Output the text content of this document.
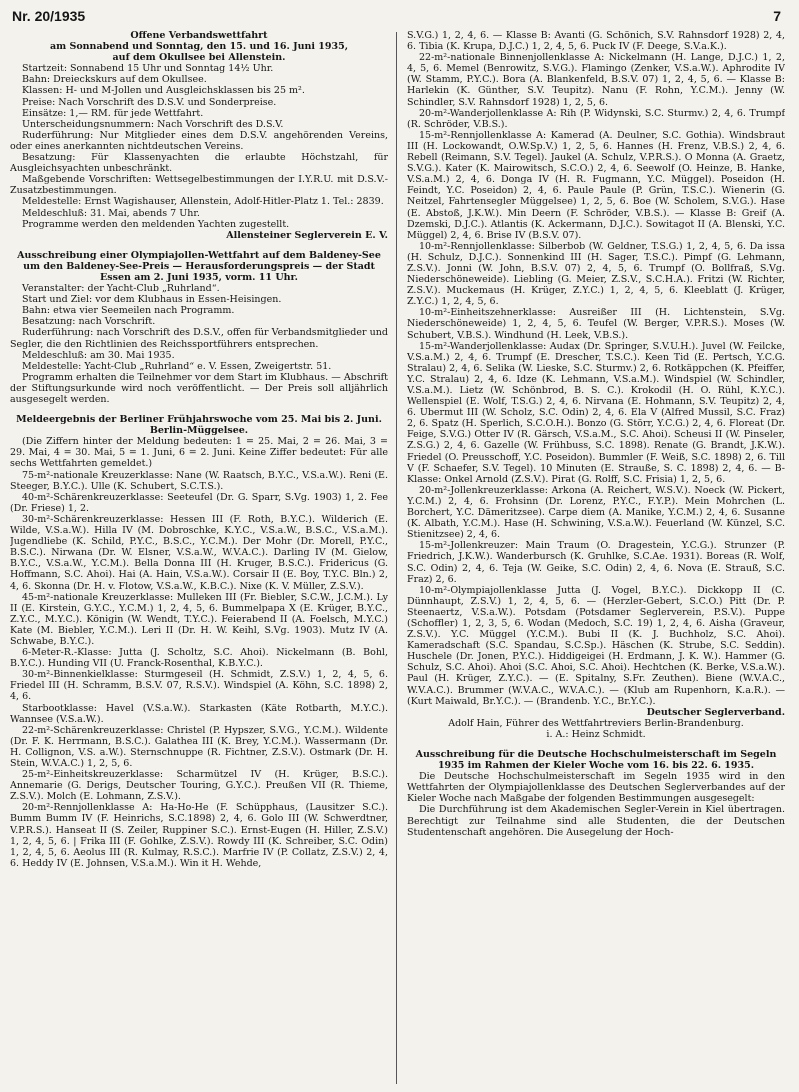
Nr. 20/1935	7

Offene Verbandswettfahrt

am Sonnabend und Sonntag, den 15. und 16. Juni 1935,

auf dem Okullsee bei Allenstein.

Startzeit: Sonnabend 15 Uhr und Sonntag 14½ Uhr.

Bahn: Dreieckskurs auf dem Okullsee.

Klassen: H- und M-Jollen und Ausgleichsklassen bis 25 m².

Preise: Nach Vorschrift des D.S.V. und Sonderpreise.

Einsätze: 1,— RM. für jede Wettfahrt.

Unterscheidungsnummern: Nach Vorschrift des D.S.V.

Ruderführung: Nur Mitglieder eines dem D.S.V. angehörenden Vereins, oder eines anerkannten nichtdeutschen Vereins.

Besatzung: Für Klassenyachten die erlaubte Höchstzahl, für Ausgleichsyachten unbeschränkt.

Maßgebende Vorschriften: Wettsegelbestimmungen der I.Y.R.U. mit D.S.V.-Zusatzbestimmungen.

Meldestelle: Ernst Wagishauser, Allenstein, Adolf-Hitler-Platz 1. Tel.: 2839.

Meldeschluß: 31. Mai, abends 7 Uhr.

Programme werden den meldenden Yachten zugestellt.

Allensteiner Seglerverein E. V.

Ausschreibung einer Olympiajollen-Wettfahrt auf dem Baldeney-See um den Baldeney-See-Preis — Herausforderungspreis — der Stadt Essen am 2. Juni 1935, vorm. 11 Uhr.

Veranstalter: der Yacht-Club „Ruhrland“.

Start und Ziel: vor dem Klubhaus in Essen-Heisingen.

Bahn: etwa vier Seemeilen nach Programm.

Besatzung: nach Vorschrift.

Ruderführung: nach Vorschrift des D.S.V., offen für Verbandsmitglieder und Segler, die den Richtlinien des Reichssportführers entsprechen.

Meldeschluß: am 30. Mai 1935.

Meldestelle: Yacht-Club „Ruhrland“ e. V. Essen, Zweigertstr. 51.

Programm erhalten die Teilnehmer vor dem Start im Klubhaus. — Abschrift der Stiftungsurkunde wird noch veröffentlicht. — Der Preis soll alljährlich ausgesegelt werden.

Meldeergebnis der Berliner Frühjahrswoche vom 25. Mai bis 2. Juni. Berlin-Müggelsee.

(Die Ziffern hinter der Meldung bedeuten: 1 = 25. Mai, 2 = 26. Mai, 3 = 29. Mai, 4 = 30. Mai, 5 = 1. Juni, 6 = 2. Juni. Keine Ziffer bedeutet: Für alle sechs Wettfahrten gemeldet.)

75-m²-nationale Kreuzerklasse: Nane (W. Raatsch, B.Y.C., V.S.a.W.). Reni (E. Steeger, B.Y.C.). Ulle (K. Schubert, S.C.T.S.).

40-m²-Schärenkreuzerklasse: Seeteufel (Dr. G. Sparr, S.Vg. 1903) 1, 2. Fee (Dr. Friese) 1, 2.

30-m²-Schärenkreuzerklasse: Hessen III (F. Roth, B.Y.C.). Wilderich (E. Wilde, V.S.a.W.). Hilla IV (M. Dobroschke, K.Y.C., V.S.a.W., B.S.C., V.S.a.M.). Jugendliebe (K. Schild, P.Y.C., B.S.C., Y.C.M.). Der Mohr (Dr. Morell, P.Y.C., B.S.C.). Nirwana (Dr. W. Elsner, V.S.a.W., W.V.A.C.). Darling IV (M. Gielow, B.Y.C., V.S.a.W., Y.C.M.). Bella Donna III (H. Kruger, B.S.C.). Fridericus (G. Hoffmann, S.C. Ahoi). Hai (A. Hain, V.S.a.W.). Corsair II (E. Boy, T.Y.C. Bln.) 2, 4, 6. Skonna (Dr. H. v. Flotow, V.S.a.W., K.B.C.). Nixe (K. V. Müller, Z.S.V.).

45-m²-nationale Kreuzerklasse: Mulleken III (Fr. Biebler, S.C.W., J.C.M.). Ly II (E. Kirstein, G.Y.C., Y.C.M.) 1, 2, 4, 5, 6. Bummelpapa X (E. Krüger, B.Y.C., Z.Y.C., M.Y.C.). Königin (W. Wendt, T.Y.C.). Feierabend II (A. Foelsch, M.Y.C.) Kate (M. Biebler, Y.C.M.). Leri II (Dr. H. W. Keihl, S.Vg. 1903). Mutz IV (A. Schwabe, B.Y.C.).

6-Meter-R.-Klasse: Jutta (J. Scholtz, S.C. Ahoi). Nickelmann (B. Bohl, B.Y.C.). Hunding VII (U. Franck-Rosenthal, K.B.Y.C.).

30-m²-Binnenkielklasse: Sturmgeseil (H. Schmidt, Z.S.V.) 1, 2, 4, 5, 6. Friedel III (H. Schramm, B.S.V. 07, R.S.V.). Windspiel (A. Köhn, S.C. 1898) 2, 4, 6.

Starbootklasse: Havel (V.S.a.W.). Starkasten (Käte Rotbarth, M.Y.C.). Wannsee (V.S.a.W.).

22-m²-Schärenkreuzerklasse: Christel (P. Hypszer, S.V.G., Y.C.M.). Wildente (Dr. F. K. Herrmann, B.S.C.). Galathea III (K. Brey, Y.C.M.). Wassermann (Dr. H. Collignon, V.S. a.W.). Sternschnuppe (R. Fichtner, Z.S.V.). Ostmark (Dr. H. Stein, W.V.A.C.) 1, 2, 5, 6.

25-m²-Einheitskreuzerklasse: Scharmützel IV (H. Krüger, B.S.C.). Annemarie (G. Derigs, Deutscher Touring, G.Y.C.). Preußen VII (R. Thieme, Z.S.V.). Molch (E. Lohmann, Z.S.V.).

20-m²-Rennjollenklasse A: Ha-Ho-He (F. Schüpphaus, (Lausitzer S.C.). Bumm Bumm IV (F. Heinrichs, S.C.1898) 2, 4, 6. Golo III (W. Schwerdtner, V.P.R.S.). Hanseat II (S. Zeiler, Ruppiner S.C.). Ernst-Eugen (H. Hiller, Z.S.V.) 1, 2, 4, 5, 6. | Frika III (F. Gohlke, Z.S.V.). Rowdy III (K. Schreiber, S.C. Odin) 1, 2, 4, 5, 6. Aeolus III (R. Kulmay, R.S.C.). Marfrie IV (P. Collatz, Z.S.V.) 2, 4, 6. Heddy IV (E. Johnsen, V.S.a.M.). Win it H. Wehde,

S.V.G.) 1, 2, 4, 6. — Klasse B: Avanti (G. Schönich, S.V. Rahnsdorf 1928) 2, 4, 6. Tibia (K. Krupa, D.J.C.) 1, 2, 4, 5, 6. Puck IV (F. Deege, S.V.a.K.).

22-m²-nationale Binnenjollenklasse A: Nickelmann (H. Lange, D.J.C.) 1, 2, 4, 5, 6. Memel (Benrowitz, S.V.G.). Flamingo (Zenker, V.S.a.W.). Aphrodite IV (W. Stamm, P.Y.C.). Bora (A. Blankenfeld, B.S.V. 07) 1, 2, 4, 5, 6. — Klasse B: Harlekin (K. Günther, S.V. Teupitz). Nanu (F. Rohn, Y.C.M.). Jenny (W. Schindler, S.V. Rahnsdorf 1928) 1, 2, 5, 6.

20-m²-Wanderjollenklasse A: Rih (P. Widynski, S.C. Sturmv.) 2, 4, 6. Trumpf (R. Schröder, V.B.S.).

15-m²-Rennjollenklasse A: Kamerad (A. Deulner, S.C. Gothia). Windsbraut III (H. Lockowandt, O.W.Sp.V.) 1, 2, 5, 6. Hannes (H. Frenz, V.B.S.) 2, 4, 6. Rebell (Reimann, S.V. Tegel). Jaukel (A. Schulz, V.P.R.S.). O Monna (A. Graetz, S.V.G.). Kater (K. Mairowitsch, S.C.O.) 2, 4, 6. Seewolf (O. Heinze, B. Hanke, V.S.a.M.) 2, 4, 6. Donga IV (H. R. Fugmann, Y.C. Müggel). Poseidon (H. Feindt, Y.C. Poseidon) 2, 4, 6. Paule Paule (P. Grün, T.S.C.). Wienerin (G. Neitzel, Fahrtensegler Müggelsee) 1, 2, 5, 6. Boe (W. Scholem, S.V.G.). Hase (E. Abstoß, J.K.W.). Min Deern (F. Schröder, V.B.S.). — Klasse B: Greif (A. Dzemski, D.J.C.). Atlantis (K. Ackermann, D.J.C.). Sowitagot II (A. Blenski, Y.C. Müggel) 2, 4, 6. Brise IV (B.S.V. 07).

10-m²-Rennjollenklasse: Silberbob (W. Geldner, T.S.G.) 1, 2, 4, 5, 6. Da issa (H. Schulz, D.J.C.). Sonnenkind III (H. Sager, T.S.C.). Pimpf (G. Lehmann, Z.S.V.). Jonni (W. John, B.S.V. 07) 2, 4, 5, 6. Trumpf (O. Bollfraß, S.Vg. Niederschöneweide). Liebling (G. Meier, Z.S.V., S.C.H.A.). Fritzi (W. Richter, Z.S.V.). Muckemaus (H. Krüger, Z.Y.C.) 1, 2, 4, 5, 6. Kleeblatt (J. Krüger, Z.Y.C.) 1, 2, 4, 5, 6.

10-m²-Einheitszehnerklasse: Ausreißer III (H. Lichtenstein, S.Vg. Niederschöneweide) 1, 2, 4, 5, 6. Teufel (W. Berger, V.P.R.S.). Moses (W. Schubert, V.B.S.). Windhund (H. Leek, V.B.S.).

15-m²-Wanderjollenklasse: Audax (Dr. Springer, S.V.U.H.). Juvel (W. Feilcke, V.S.a.M.) 2, 4, 6. Trumpf (E. Drescher, T.S.C.). Keen Tid (E. Pertsch, Y.C.G. Stralau) 2, 4, 6. Selika (W. Lieske, S.C. Sturmv.) 2, 6. Rotkäppchen (K. Pfeiffer, Y.C. Stralau) 2, 4, 6. Idze (K. Lehmann, V.S.a.M.). Windspiel (W. Schindler, V.S.a.M.). Lietz (W. Schönbrod, B. S. C.). Krokodil (H. O. Rühl, K.Y.C.). Wellenspiel (E. Wolf, T.S.G.) 2, 4, 6. Nirvana (E. Hohmann, S.V. Teupitz) 2, 4, 6. Ubermut III (W. Scholz, S.C. Odin) 2, 4, 6. Ela V (Alfred Mussil, S.C. Fraz) 2, 6. Spatz (H. Sperlich, S.C.O.H.). Bonzo (G. Störr, Y.C.G.) 2, 4, 6. Floreat (Dr. Feige, S.V.G.) Otter IV (R. Gärsch, V.S.a.M., S.C. Ahoi). Scheusi II (W. Pinseler, Z.S.G.) 2, 4, 6. Gazelle (W. Frühbuss, S.C. 1898). Renate (G. Brandt, J.K.W.). Friedel (O. Preusschoff, Y.C. Poseidon). Bummler (F. Weiß, S.C. 1898) 2, 6. Till V (F. Schaefer, S.V. Tegel). 10 Minuten (E. Strauße, S. C. 1898) 2, 4, 6. — B-Klasse: Onkel Arnold (Z.S.V.). Pirat (G. Rolff, S.C. Frisia) 1, 2, 5, 6.

20-m²-Jollenkreuzerklasse: Arkona (A. Reichert, W.S.V.). Noeck (W. Pickert, Y.C.M.) 2, 4, 6. Frohsinn (Dr. Lorenz, P.Y.C., F.Y.P.). Mein Mohrchen (L. Borchert, Y.C. Dämeritzsee). Carpe diem (A. Manike, Y.C.M.) 2, 4, 6. Susanne (K. Albath, Y.C.M.). Hase (H. Schwining, V.S.a.W.). Feuerland (W. Künzel, S.C. Stienitzsee) 2, 4, 6.

15-m²-Jollenkreuzer: Main Traum (O. Dragestein, Y.C.G.). Strunzer (P. Friedrich, J.K.W.). Wanderbursch (K. Gruhlke, S.C.Ae. 1931). Boreas (R. Wolf, S.C. Odin) 2, 4, 6. Teja (W. Geike, S.C. Odin) 2, 4, 6. Nova (E. Strauß, S.C. Fraz) 2, 6.

10-m²-Olympiajollenklasse Jutta (J. Vogel, B.Y.C.). Dickkopp II (C. Dünnhaupt, Z.S.V.) 1, 2, 4, 5, 6. — (Herzler-Gebert, S.C.O.) Pitt (Dr. P. Steenaertz, V.S.a.W.). Potsdam (Potsdamer Seglerverein, P.S.V.). Puppe (Schoffler) 1, 2, 3, 5, 6. Wodan (Medoch, S.C. 19) 1, 2, 4, 6. Aisha (Graveur, Z.S.V.). Y.C. Müggel (Y.C.M.). Bubi II (K. J. Buchholz, S.C. Ahoi). Kameradschaft (S.C. Spandau, S.C.Sp.). Häschen (K. Strube, S.C. Seddin). Huschele (Dr. Jonen, P.Y.C.). Hiddigeigei (H. Erdmann, J. K. W.). Hammer (G. Schulz, S.C. Ahoi). Ahoi (S.C. Ahoi, S.C. Ahoi). Hechtchen (K. Berke, V.S.a.W.). Paul (H. Krüger, Z.Y.C.). — (E. Spitalny, S.Fr. Zeuthen). Biene (W.V.A.C., W.V.A.C.). Brummer (W.V.A.C., W.V.A.C.). — (Klub am Rupenhorn, K.a.R.). — (Kurt Maiwald, Br.Y.C.). — (Brandenb. Y.C., Br.Y.C.).

Deutscher Seglerverband.

Adolf Hain, Führer des Wettfahrtreviers Berlin-Brandenburg.

i. A.: Heinz Schmidt.

Ausschreibung für die Deutsche Hochschulmeisterschaft im Segeln 1935 im Rahmen der Kieler Woche vom 16. bis 22. 6. 1935.

Die Deutsche Hochschulmeisterschaft im Segeln 1935 wird in den Wettfahrten der Olympiajollenklasse des Deutschen Seglerverbandes auf der Kieler Woche nach Maßgabe der folgenden Bestimmungen ausgesegelt:

Die Durchführung ist dem Akademischen Segler-Verein in Kiel übertragen. Berechtigt zur Teilnahme sind alle Studenten, die der Deutschen Studentenschaft angehören. Die Ausegelung der Hoch-
